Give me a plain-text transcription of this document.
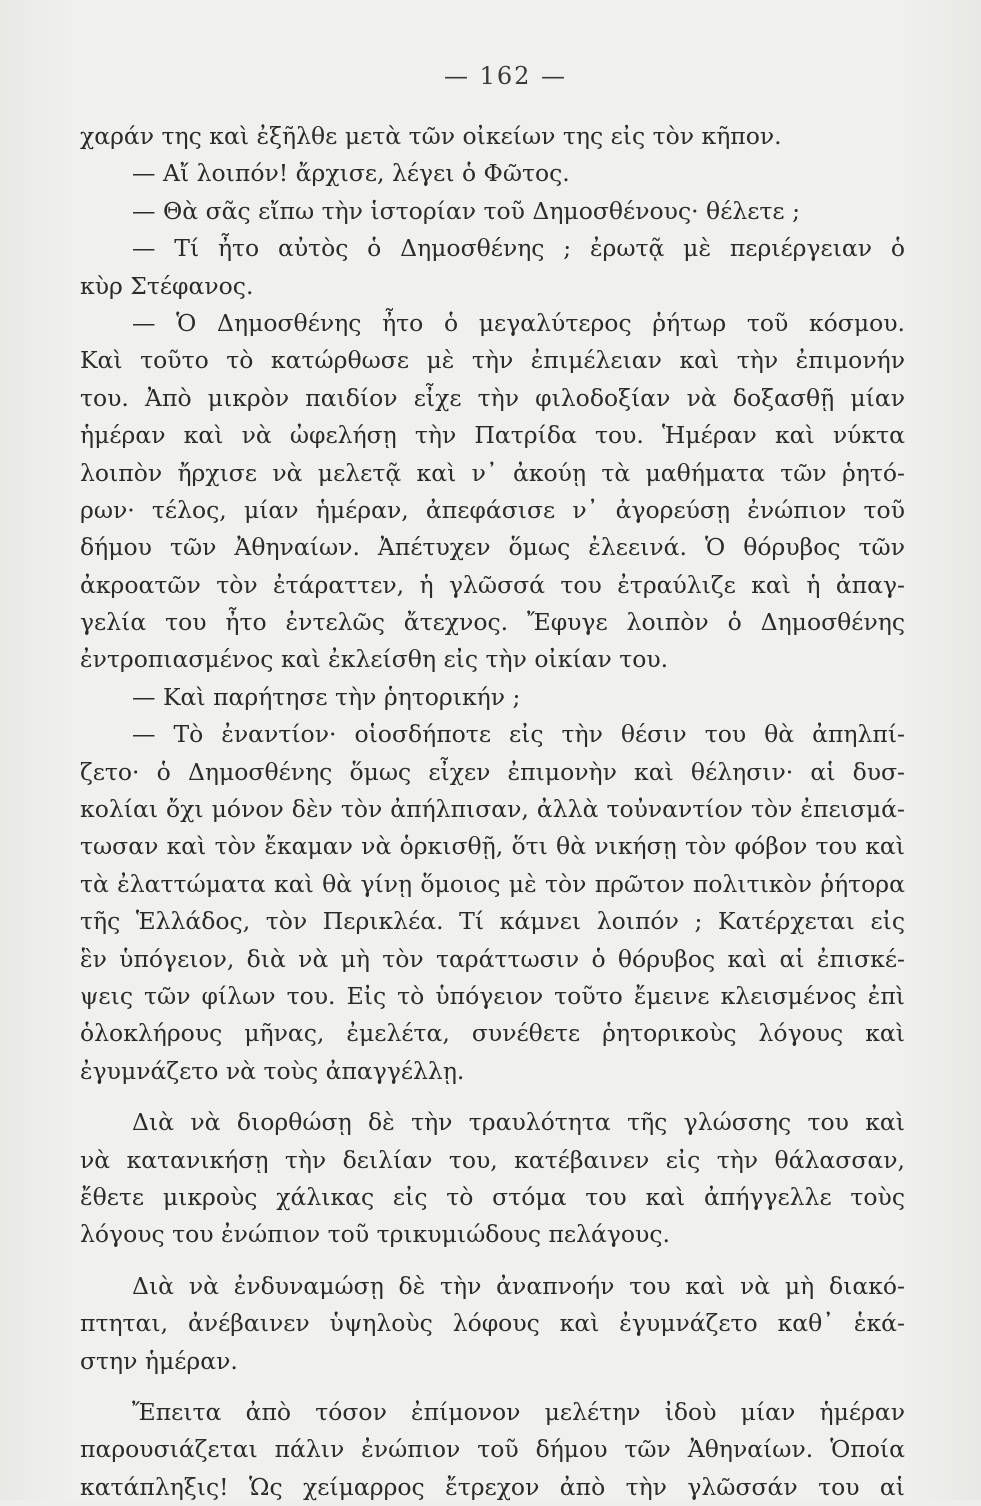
— 162 —
χαράν της καὶ ἐξῆλθε μετὰ τῶν οἰκείων της εἰς τὸν κῆπον.
— Αἴ λοιπόν! ἄρχισε, λέγει ὁ Φῶτος.
— Θὰ σᾶς εἴπω τὴν ἱστορίαν τοῦ Δημοσθένους· θέλετε ;
— Τί ἦτο αὐτὸς ὁ Δημοσθένης ; ἐρωτᾷ μὲ περιέργειαν ὁ
κὺρ Στέφανος.
— Ὁ Δημοσθένης ἦτο ὁ μεγαλύτερος ῥήτωρ τοῦ κόσμου.
Καὶ τοῦτο τὸ κατώρθωσε μὲ τὴν ἐπιμέλειαν καὶ τὴν ἐπιμονήν
του. Ἀπὸ μικρὸν παιδίον εἶχε τὴν φιλοδοξίαν νὰ δοξασθῇ μίαν
ἡμέραν καὶ νὰ ὠφελήσῃ τὴν Πατρίδα του. Ἡμέραν καὶ νύκτα
λοιπὸν ἤρχισε νὰ μελετᾷ καὶ ν᾽ ἀκούῃ τὰ μαθήματα τῶν ῥητό-
ρων· τέλος, μίαν ἡμέραν, ἀπεφάσισε ν᾽ ἀγορεύσῃ ἐνώπιον τοῦ
δήμου τῶν Ἀθηναίων. Ἀπέτυχεν ὅμως ἐλεεινά. Ὁ θόρυβος τῶν
ἀκροατῶν τὸν ἐτάραττεν, ἡ γλῶσσά του ἐτραύλιζε καὶ ἡ ἀπαγ-
γελία του ἦτο ἐντελῶς ἄτεχνος. Ἔφυγε λοιπὸν ὁ Δημοσθένης
ἐντροπιασμένος καὶ ἐκλείσθη εἰς τὴν οἰκίαν του.
— Καὶ παρήτησε τὴν ῥητορικήν ;
— Τὸ ἐναντίον· οἱοσδήποτε εἰς τὴν θέσιν του θὰ ἀπηλπί-
ζετο· ὁ Δημοσθένης ὅμως εἶχεν ἐπιμονὴν καὶ θέλησιν· αἱ δυσ-
κολίαι ὄχι μόνον δὲν τὸν ἀπήλπισαν, ἀλλὰ τοὐναντίον τὸν ἐπεισμά-
τωσαν καὶ τὸν ἔκαμαν νὰ ὁρκισθῇ, ὅτι θὰ νικήσῃ τὸν φόβον του καὶ
τὰ ἐλαττώματα καὶ θὰ γίνῃ ὅμοιος μὲ τὸν πρῶτον πολιτικὸν ῥήτορα
τῆς Ἑλλάδος, τὸν Περικλέα. Τί κάμνει λοιπόν ; Κατέρχεται εἰς
ἓν ὑπόγειον, διὰ νὰ μὴ τὸν ταράττωσιν ὁ θόρυβος καὶ αἱ ἐπισκέ-
ψεις τῶν φίλων του. Εἰς τὸ ὑπόγειον τοῦτο ἔμεινε κλεισμένος ἐπὶ
ὁλοκλήρους μῆνας, ἐμελέτα, συνέθετε ῥητορικοὺς λόγους καὶ
ἐγυμνάζετο νὰ τοὺς ἀπαγγέλλῃ.
Διὰ νὰ διορθώσῃ δὲ τὴν τραυλότητα τῆς γλώσσης του καὶ
νὰ κατανικήσῃ τὴν δειλίαν του, κατέβαινεν εἰς τὴν θάλασσαν,
ἔθετε μικροὺς χάλικας εἰς τὸ στόμα του καὶ ἀπήγγελλε τοὺς
λόγους του ἐνώπιον τοῦ τρικυμιώδους πελάγους.
Διὰ νὰ ἐνδυναμώσῃ δὲ τὴν ἀναπνοήν του καὶ νὰ μὴ διακό-
πτηται, ἀνέβαινεν ὑψηλοὺς λόφους καὶ ἐγυμνάζετο καθ᾽ ἑκά-
στην ἡμέραν.
Ἔπειτα ἀπὸ τόσον ἐπίμονον μελέτην ἰδοὺ μίαν ἡμέραν
παρουσιάζεται πάλιν ἐνώπιον τοῦ δήμου τῶν Ἀθηναίων. Ὁποία
κατάπληξις! Ὡς χείμαρρος ἔτρεχον ἀπὸ τὴν γλῶσσάν του αἱ
